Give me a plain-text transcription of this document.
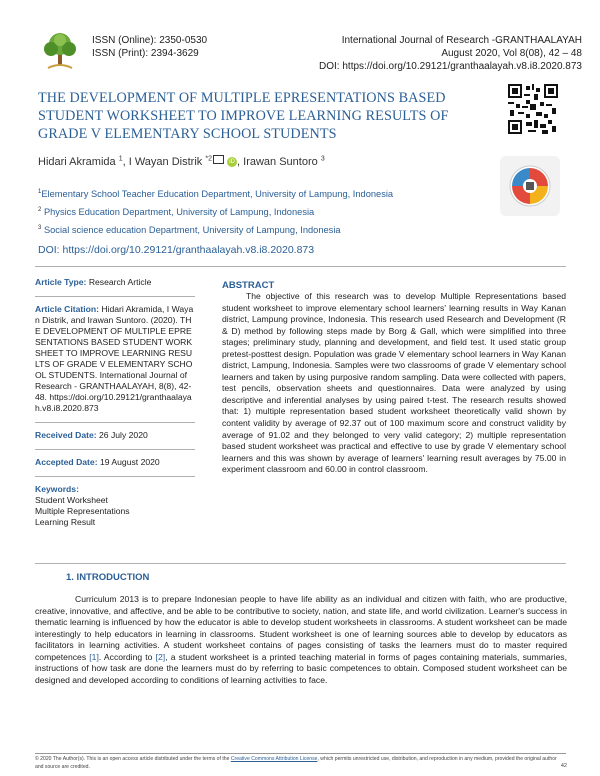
ISSN (Online): 2350-0530
ISSN (Print): 2394-3629
International Journal of Research -GRANTHAALAYAH
August 2020, Vol 8(08), 42 – 48
DOI: https://doi.org/10.29121/granthaalayah.v8.i8.2020.873
THE DEVELOPMENT OF MULTIPLE EPRESENTATIONS BASED STUDENT WORKSHEET TO IMPROVE LEARNING RESULTS OF GRADE V ELEMENTARY SCHOOL STUDENTS
Hidari Akramida $^1$, I Wayan Distrik $^{*2}$	iD , Irawan Suntoro $^3$
$^1$Elementary School Teacher Education Department, University of Lampung, Indonesia
$^2$ Physics Education Department, University of Lampung, Indonesia
$^3$ Social science education Department, University of Lampung, Indonesia
DOI: https://doi.org/10.29121/granthaalayah.v8.i8.2020.873
Article Type: Research Article
Article Citation: Hidari Akramida, I Wayan Distrik, and Irawan Suntoro. (2020). THE DEVELOPMENT OF MULTIPLE EPRESENTATIONS BASED STUDENT WORKSHEET TO IMPROVE LEARNING RESULTS OF GRADE V ELEMENTARY SCHOOL STUDENTS. International Journal of Research - GRANTHAALAYAH, 8(8), 42-48. https://doi.org/10.29121/granthaalayah.v8.i8.2020.873
Received Date: 26 July 2020
Accepted Date: 19 August 2020
Keywords:
Student Worksheet
Multiple Representations
Learning Result
ABSTRACT
The objective of this research was to develop Multiple Representations based student worksheet to improve elementary school learners' learning results in Way Kanan district, Lampung province, Indonesia. This research used Research and Development (R & D) method by following steps made by Borg & Gall, which were simplified into three stages; preliminary study, planning and development, and field test. It used static group pretest-posttest design. Population was grade V elementary school learners in Way Kanan district, Lampung, Indonesia. Samples were two classrooms of grade V elementary school learners and taken by using purposive random sampling. Data were collected with papers, test pencils, observation sheets and questionnaires. Data were analyzed by using descriptive and inferential analyses by using paired t-test. The research results showed that: 1) multiple representation based student worksheet theoretically valid shown by content validity by average of 92.37 out of 100 maximum score and construct validity by average of 91.02 and they belonged to very valid category; 2) multiple representation based student worksheet was practical and effective to use by grade V elementary school learners and this was shown by average of learners' learning result averages by 75.00 in experiment classroom and 60.00 in control classroom.
1. INTRODUCTION
Curriculum 2013 is to prepare Indonesian people to have life ability as an individual and citizen with faith, who are productive, creative, innovative, and affective, and be able to be contributive to society, nation, and state life, and world civilization. Learner's success in thematic learning is influenced by how the educator is able to develop student worksheets in classrooms. A student worksheet can be made interestingly to help educators in learning in classrooms. Student worksheet is one of learning sources able to develop by educators as facilitators in learning activities. A student worksheet contains of pages consisting of tasks the learners must do to master required competences [1]. According to [2], a student worksheet is a printed teaching material in forms of pages containing materials, summaries, instructions of how task are done the learners must do by referring to basic competences to obtain. Composed student worksheet can be designed and developed according to conditions of learning activities to face.
© 2020 The Author(s). This is an open access article distributed under the terms of the Creative Commons Attribution License, which permits unrestricted use, distribution, and reproduction in any medium, provided the original author and source are credited.	42
